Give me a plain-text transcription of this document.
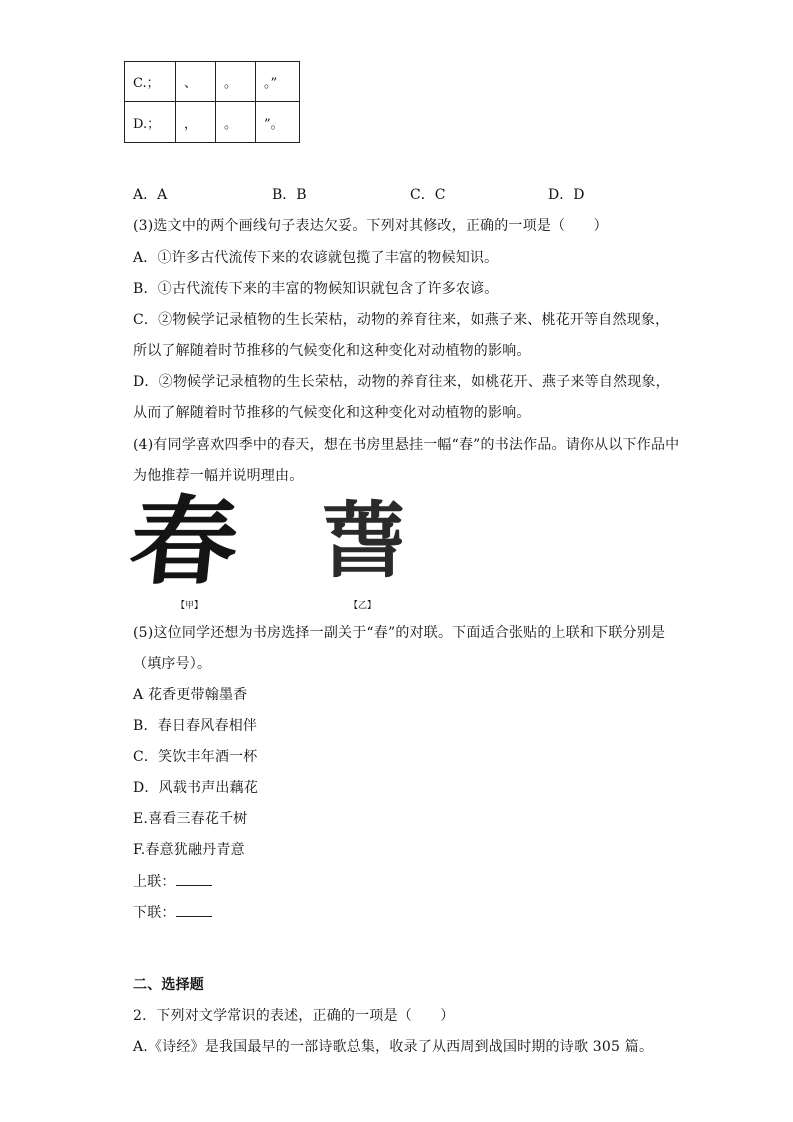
C.；	、	。	。”
D.；	，	。	”。
A．A	B．B	C．C	D．D
(3)选文中的两个画线句子表达欠妥。下列对其修改，正确的一项是（　　）
A．①许多古代流传下来的农谚就包揽了丰富的物候知识。
B．①古代流传下来的丰富的物候知识就包含了许多农谚。
C．②物候学记录植物的生长荣枯，动物的养育往来，如燕子来、桃花开等自然现象，
所以了解随着时节推移的气候变化和这种变化对动植物的影响。
D．②物候学记录植物的生长荣枯，动物的养育往来，如桃花开、燕子来等自然现象，
从而了解随着时节推移的气候变化和这种变化对动植物的影响。
(4)有同学喜欢四季中的春天，想在书房里悬挂一幅“春”的书法作品。请你从以下作品中
为他推荐一幅并说明理由。
春
【甲】
萅
【乙】
(5)这位同学还想为书房选择一副关于“春”的对联。下面适合张贴的上联和下联分别是
（填序号）。
A 花香更带翰墨香
B．春日春风春相伴
C．笑饮丰年酒一杯
D．风载书声出藕花
E.喜看三春花千树
F.春意犹融丹青意
上联：
下联：
二、选择题
2．下列对文学常识的表述，正确的一项是（　　）
A.《诗经》是我国最早的一部诗歌总集，收录了从西周到战国时期的诗歌 305 篇。
